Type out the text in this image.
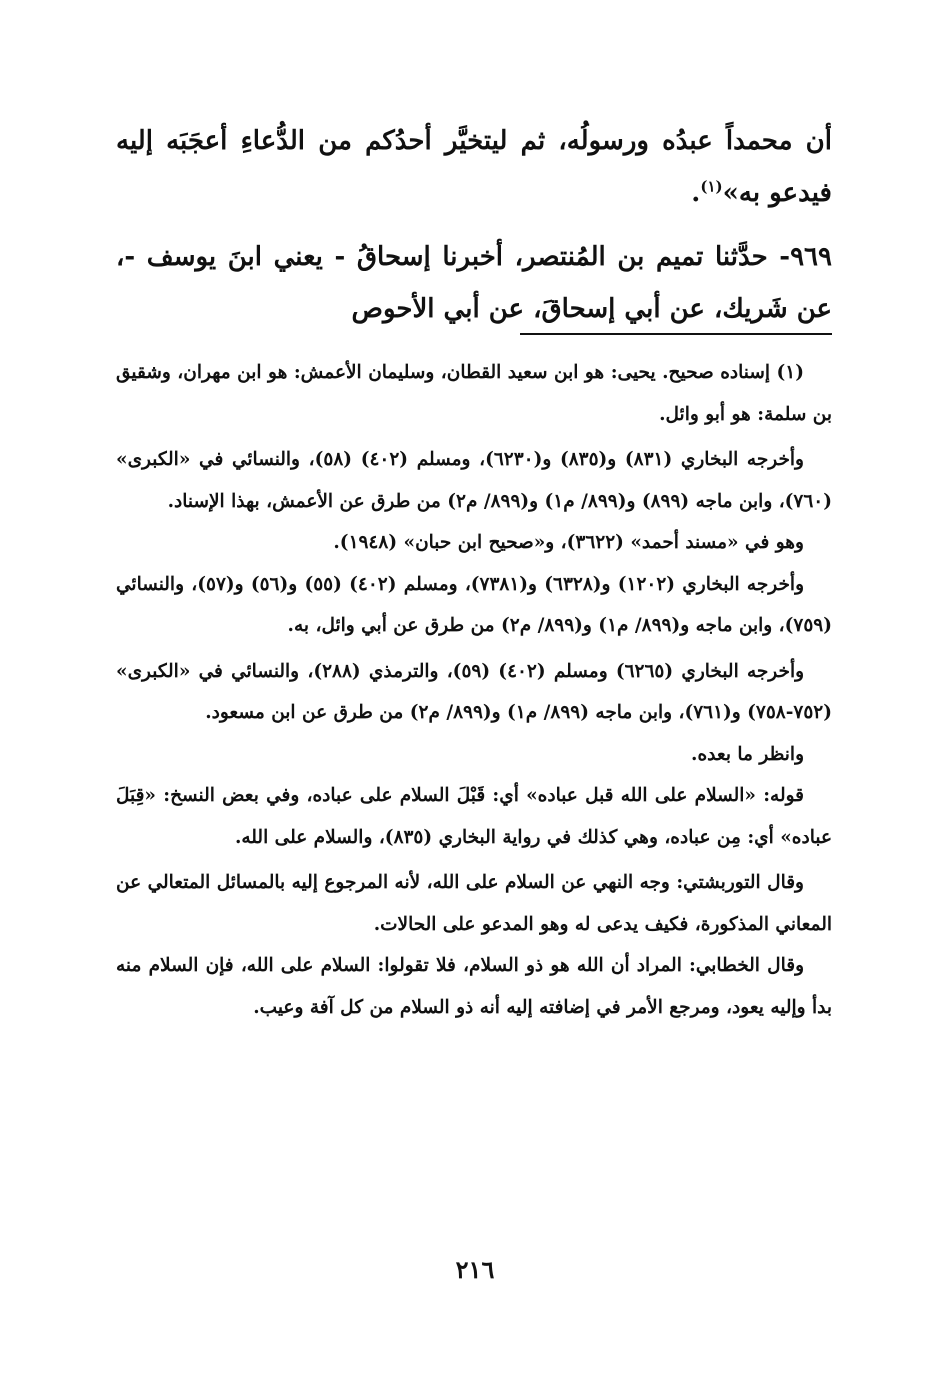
أن محمداً عبدُه ورسولُه، ثم ليتخيَّر أحدُكم من الدُّعاءِ أعجَبَه إليه فيدعو به»$^{(١)}$.

٩٦٩- حدَّثنا تميم بن المُنتصر، أخبرنا إسحاقُ - يعني ابنَ يوسف -، عن شَريك، عن أبي إسحاقَ، عن أبي الأحوص

(١) إسناده صحيح. يحيى: هو ابن سعيد القطان، وسليمان الأعمش: هو ابن مهران، وشقيق بن سلمة: هو أبو وائل.

وأخرجه البخاري (٨٣١) و(٨٣٥) و(٦٢٣٠)، ومسلم (٤٠٢) (٥٨)، والنسائي في «الكبرى» (٧٦٠)، وابن ماجه (٨٩٩) و(٨٩٩/ م١) و(٨٩٩/ م٢) من طرق عن الأعمش، بهذا الإسناد.

وهو في «مسند أحمد» (٣٦٢٢)، و«صحيح ابن حبان» (١٩٤٨).

وأخرجه البخاري (١٢٠٢) و(٦٣٢٨) و(٧٣٨١)، ومسلم (٤٠٢) (٥٥) و(٥٦) و(٥٧)، والنسائي (٧٥٩)، وابن ماجه و(٨٩٩/ م١) و(٨٩٩/ م٢) من طرق عن أبي وائل، به.

وأخرجه البخاري (٦٢٦٥) ومسلم (٤٠٢) (٥٩)، والترمذي (٢٨٨)، والنسائي في «الكبرى» (٧٥٢-٧٥٨) و(٧٦١)، وابن ماجه (٨٩٩/ م١) و(٨٩٩/ م٢) من طرق عن ابن مسعود.

وانظر ما بعده.

قوله: «السلام على الله قبل عباده» أي: قَبْلَ السلام على عباده، وفي بعض النسخ: «قِبَلَ عباده» أي: مِن عباده، وهي كذلك في رواية البخاري (٨٣٥)، والسلام على الله.

وقال التوربشتي: وجه النهي عن السلام على الله، لأنه المرجوع إليه بالمسائل المتعالي عن المعاني المذكورة، فكيف يدعى له وهو المدعو على الحالات.

وقال الخطابي: المراد أن الله هو ذو السلام، فلا تقولوا: السلام على الله، فإن السلام منه بدأ وإليه يعود، ومرجع الأمر في إضافته إليه أنه ذو السلام من كل آفة وعيب.

٢١٦
